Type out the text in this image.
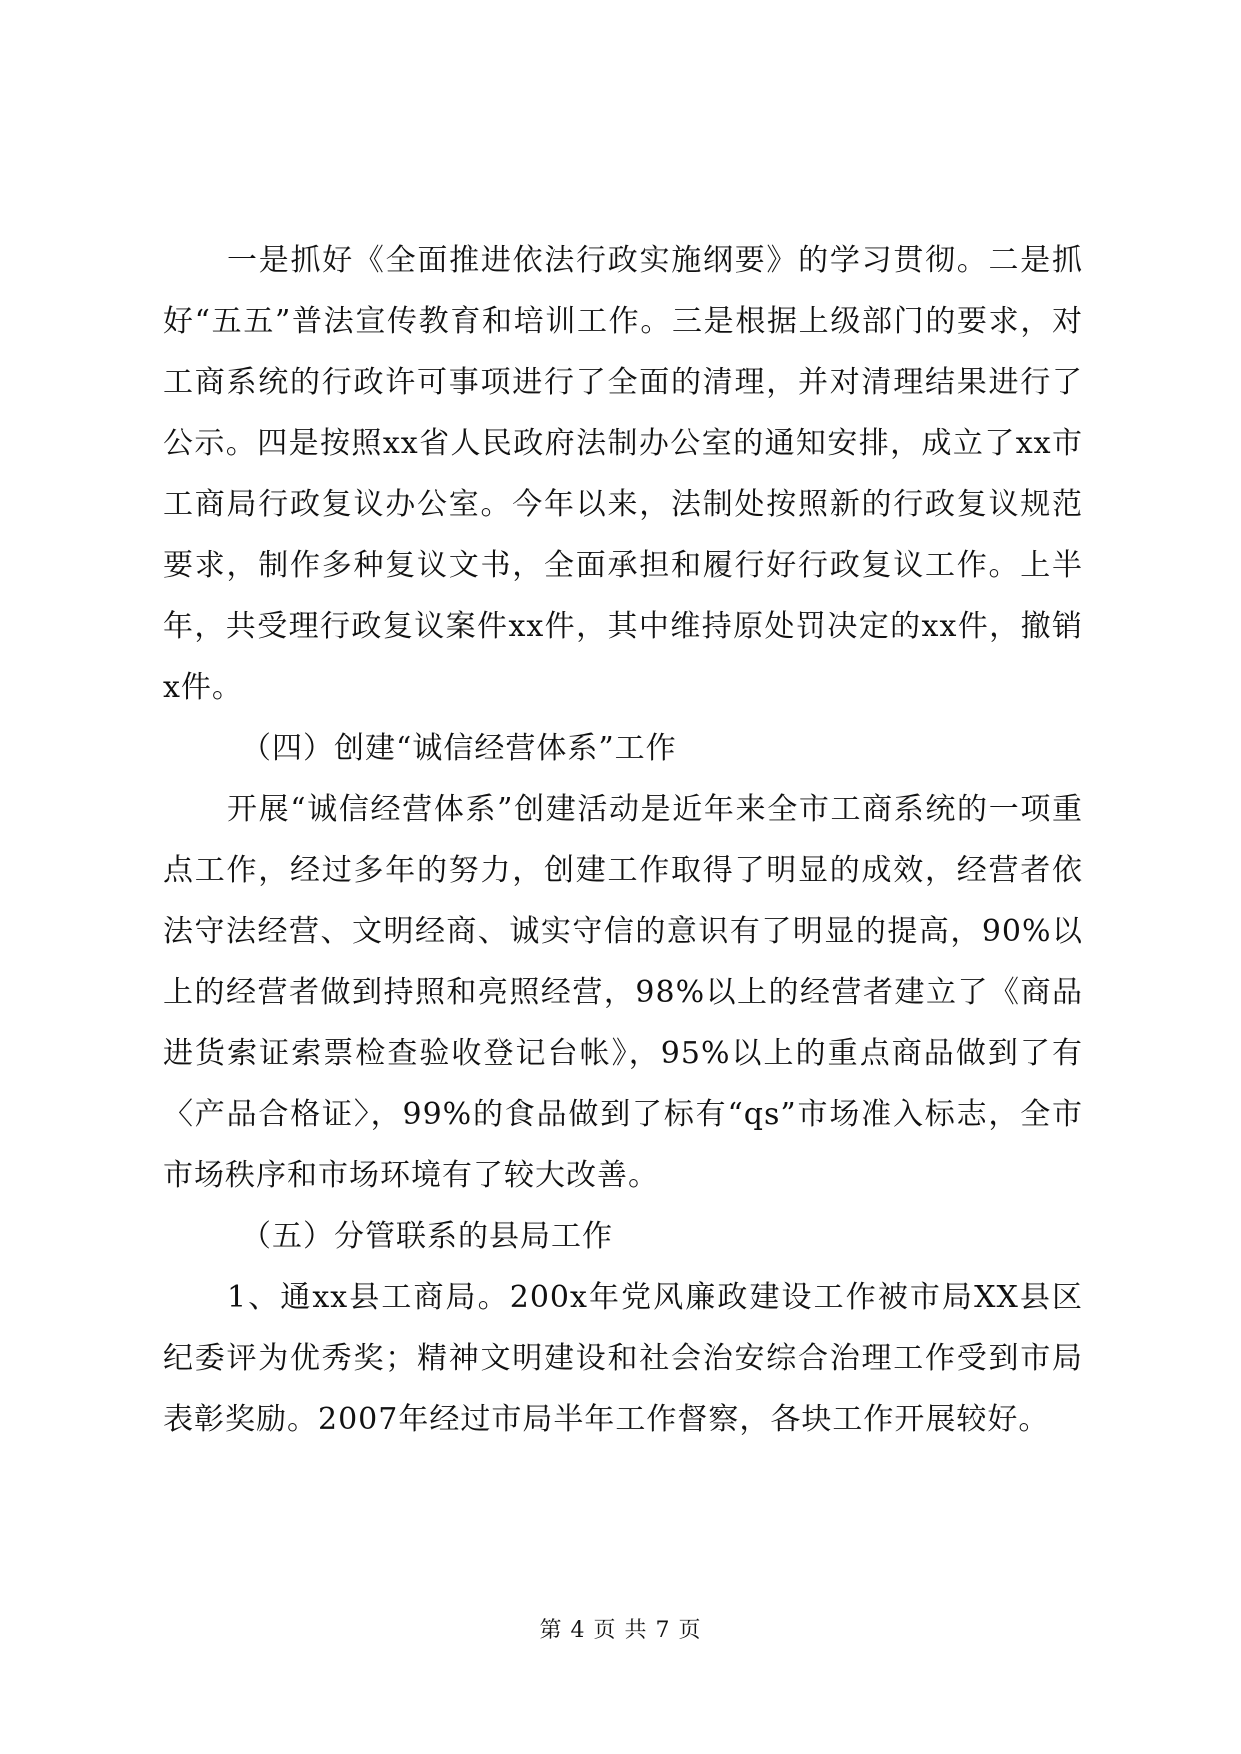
一是抓好《全面推进依法行政实施纲要》的学习贯彻。二是抓好“五五”普法宣传教育和培训工作。三是根据上级部门的要求，对工商系统的行政许可事项进行了全面的清理，并对清理结果进行了公示。四是按照xx省人民政府法制办公室的通知安排，成立了xx市工商局行政复议办公室。今年以来，法制处按照新的行政复议规范要求，制作多种复议文书，全面承担和履行好行政复议工作。上半年，共受理行政复议案件xx件，其中维持原处罚决定的xx件，撤销x件。

（四）创建“诚信经营体系”工作

开展“诚信经营体系”创建活动是近年来全市工商系统的一项重点工作，经过多年的努力，创建工作取得了明显的成效，经营者依法守法经营、文明经商、诚实守信的意识有了明显的提高，90%以上的经营者做到持照和亮照经营，98%以上的经营者建立了《商品进货索证索票检查验收登记台帐》，95%以上的重点商品做到了有〈产品合格证〉，99%的食品做到了标有“qs”市场准入标志，全市市场秩序和市场环境有了较大改善。

（五）分管联系的县局工作

1、通xx县工商局。200x年党风廉政建设工作被市局XX县区纪委评为优秀奖；精神文明建设和社会治安综合治理工作受到市局表彰奖励。2007年经过市局半年工作督察，各块工作开展较好。

第 4 页 共 7 页
